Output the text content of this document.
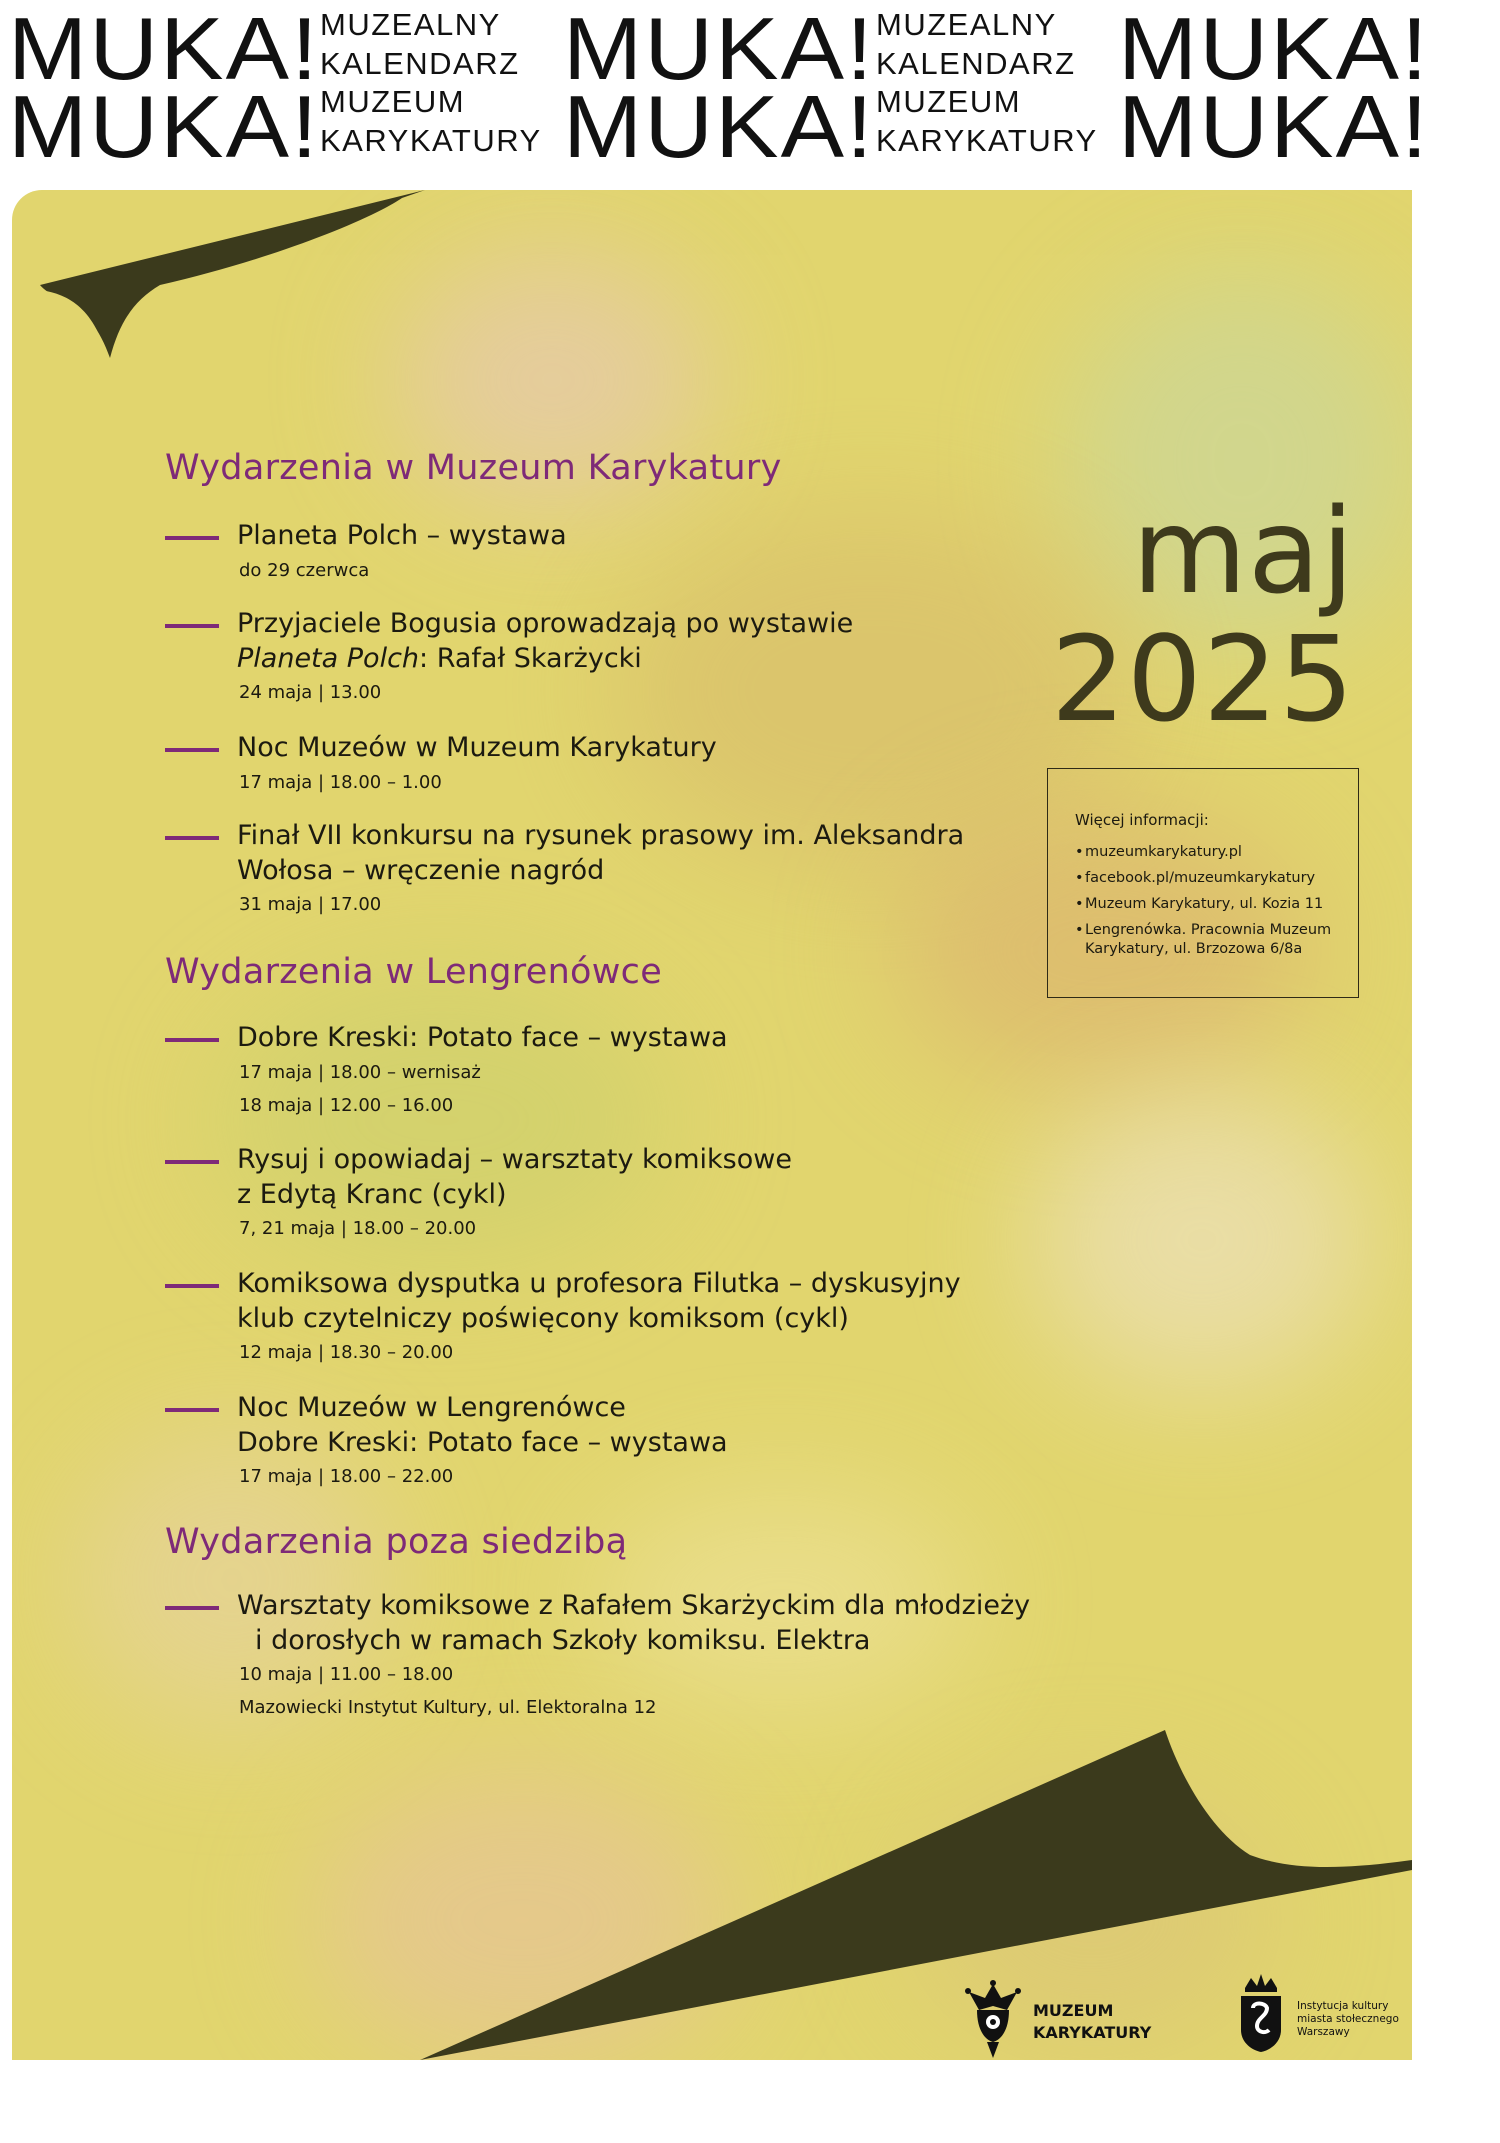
MUKA!
MUKA!
MUZEALNY
KALENDARZ
MUZEUM
KARYKATURY
MUKA!
MUKA!
MUZEALNY
KALENDARZ
MUZEUM
KARYKATURY
MUKA!
MUKA!
Wydarzenia w Muzeum Karykatury
Planeta Polch – wystawa
do 29 czerwca
Przyjaciele Bogusia oprowadzają po wystawie
Planeta Polch: Rafał Skarżycki
24 maja | 13.00
Noc Muzeów w Muzeum Karykatury
17 maja | 18.00 – 1.00
Finał VII konkursu na rysunek prasowy im. Aleksandra
Wołosa – wręczenie nagród
31 maja | 17.00
Wydarzenia w Lengrenówce
Dobre Kreski: Potato face – wystawa
17 maja | 18.00 – wernisaż
18 maja | 12.00 – 16.00
Rysuj i opowiadaj – warsztaty komiksowe
z Edytą Kranc (cykl)
7, 21 maja | 18.00 – 20.00
Komiksowa dysputka u profesora Filutka – dyskusyjny
klub czytelniczy poświęcony komiksom (cykl)
12 maja | 18.30 – 20.00
Noc Muzeów w Lengrenówce
Dobre Kreski: Potato face – wystawa
17 maja | 18.00 – 22.00
Wydarzenia poza siedzibą
Warsztaty komiksowe z Rafałem Skarżyckim dla młodzieży
i dorosłych w ramach Szkoły komiksu. Elektra
10 maja | 11.00 – 18.00
Mazowiecki Instytut Kultury, ul. Elektoralna 12
maj
2025
Więcej informacji:
• muzeumkarykatury.pl
• facebook.pl/muzeumkarykatury
• Muzeum Karykatury, ul. Kozia 11
• Lengrenówka. Pracownia Muzeum Karykatury, ul. Brzozowa 6/8a
MUZEUM
KARYKATURY
Instytucja kultury
miasta stołecznego
Warszawy
